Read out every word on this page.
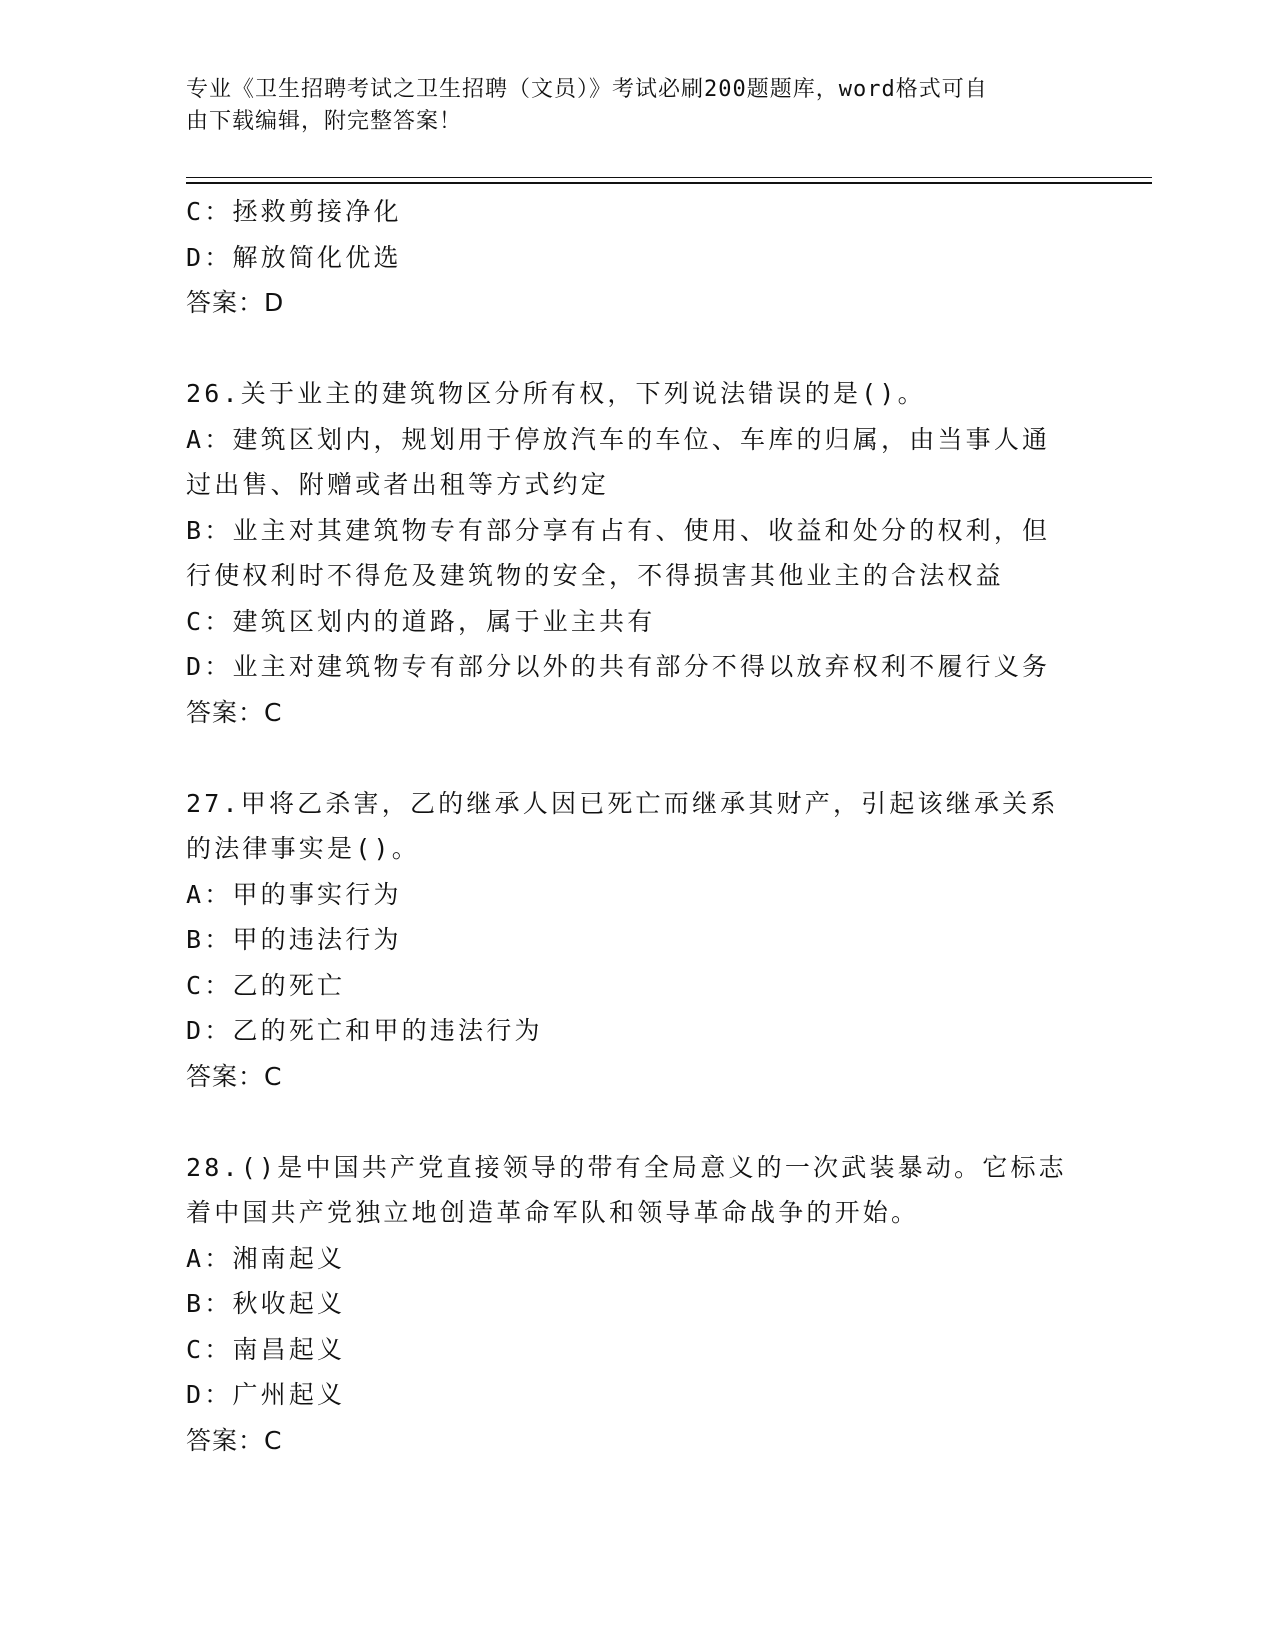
专业《卫生招聘考试之卫生招聘（文员）》考试必刷200题题库，word格式可自
由下载编辑，附完整答案！
C：拯救剪接净化
D：解放简化优选
答案：D
26.关于业主的建筑物区分所有权，下列说法错误的是()。
A：建筑区划内，规划用于停放汽车的车位、车库的归属，由当事人通
过出售、附赠或者出租等方式约定
B：业主对其建筑物专有部分享有占有、使用、收益和处分的权利，但
行使权利时不得危及建筑物的安全，不得损害其他业主的合法权益
C：建筑区划内的道路，属于业主共有
D：业主对建筑物专有部分以外的共有部分不得以放弃权利不履行义务
答案：C
27.甲将乙杀害，乙的继承人因已死亡而继承其财产，引起该继承关系
的法律事实是()。
A：甲的事实行为
B：甲的违法行为
C：乙的死亡
D：乙的死亡和甲的违法行为
答案：C
28.()是中国共产党直接领导的带有全局意义的一次武装暴动。它标志
着中国共产党独立地创造革命军队和领导革命战争的开始。
A：湘南起义
B：秋收起义
C：南昌起义
D：广州起义
答案：C
